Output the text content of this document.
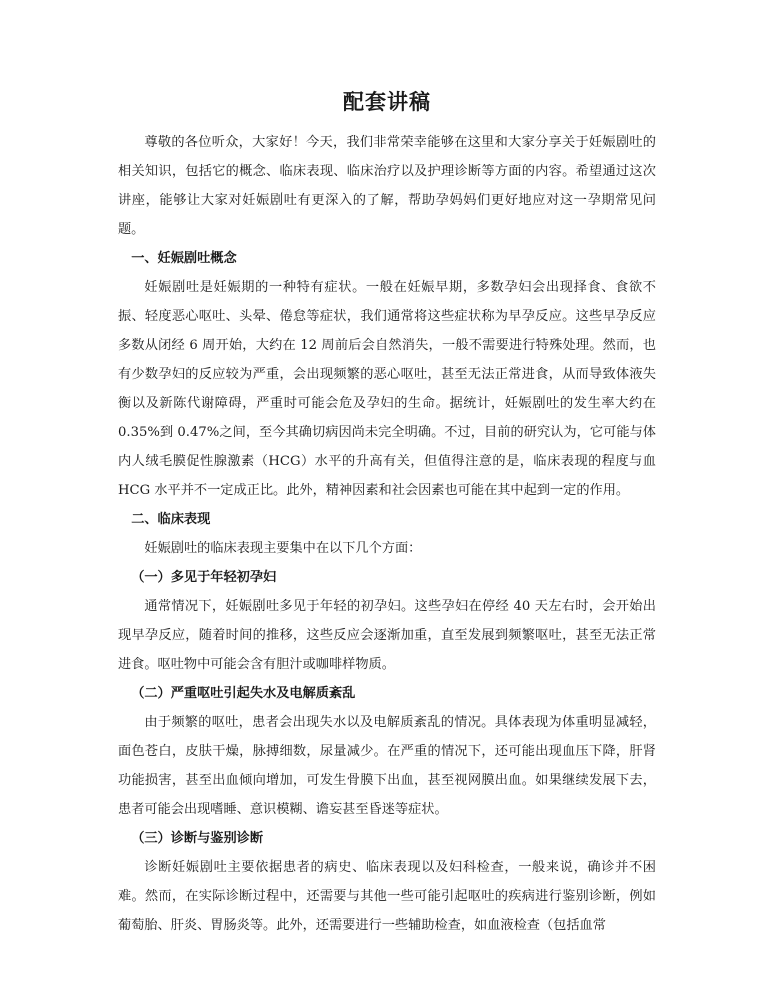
配套讲稿

尊敬的各位听众，大家好！今天，我们非常荣幸能够在这里和大家分享关于妊娠剧吐的相关知识，包括它的概念、临床表现、临床治疗以及护理诊断等方面的内容。希望通过这次讲座，能够让大家对妊娠剧吐有更深入的了解，帮助孕妈妈们更好地应对这一孕期常见问题。

一、妊娠剧吐概念

妊娠剧吐是妊娠期的一种特有症状。一般在妊娠早期，多数孕妇会出现择食、食欲不振、轻度恶心呕吐、头晕、倦怠等症状，我们通常将这些症状称为早孕反应。这些早孕反应多数从闭经 6 周开始，大约在 12 周前后会自然消失，一般不需要进行特殊处理。然而，也有少数孕妇的反应较为严重，会出现频繁的恶心呕吐，甚至无法正常进食，从而导致体液失衡以及新陈代谢障碍，严重时可能会危及孕妇的生命。据统计，妊娠剧吐的发生率大约在 0.35%到 0.47%之间，至今其确切病因尚未完全明确。不过，目前的研究认为，它可能与体内人绒毛膜促性腺激素（HCG）水平的升高有关，但值得注意的是，临床表现的程度与血 HCG 水平并不一定成正比。此外，精神因素和社会因素也可能在其中起到一定的作用。

二、临床表现

妊娠剧吐的临床表现主要集中在以下几个方面：

（一）多见于年轻初孕妇

通常情况下，妊娠剧吐多见于年轻的初孕妇。这些孕妇在停经 40 天左右时，会开始出现早孕反应，随着时间的推移，这些反应会逐渐加重，直至发展到频繁呕吐，甚至无法正常进食。呕吐物中可能会含有胆汁或咖啡样物质。

（二）严重呕吐引起失水及电解质紊乱

由于频繁的呕吐，患者会出现失水以及电解质紊乱的情况。具体表现为体重明显减轻，面色苍白，皮肤干燥，脉搏细数，尿量减少。在严重的情况下，还可能出现血压下降，肝肾功能损害，甚至出血倾向增加，可发生骨膜下出血，甚至视网膜出血。如果继续发展下去，患者可能会出现嗜睡、意识模糊、谵妄甚至昏迷等症状。

（三）诊断与鉴别诊断

诊断妊娠剧吐主要依据患者的病史、临床表现以及妇科检查，一般来说，确诊并不困难。然而，在实际诊断过程中，还需要与其他一些可能引起呕吐的疾病进行鉴别诊断，例如葡萄胎、肝炎、胃肠炎等。此外，还需要进行一些辅助检查，如血液检查（包括血常
